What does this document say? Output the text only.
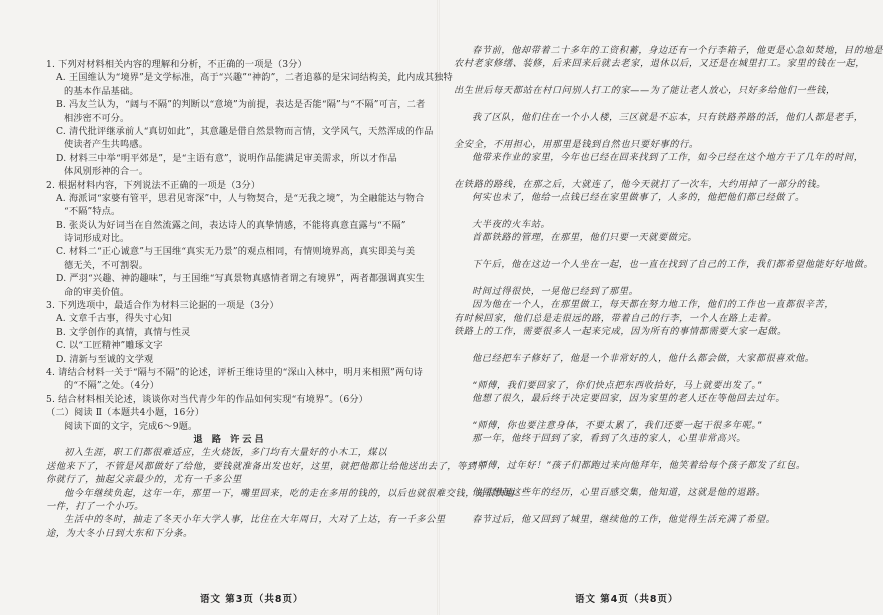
1. 下列对材料相关内容的理解和分析，不正确的一项是（3分）
A. 王国维认为“境界”是文学标准，高于“兴趣”“神韵”，二者追慕的是宋词结构美，此内成其独特
的基本作品基础。
B. 冯友兰认为，“阔与不隔”的判断以“意境”为前提，表达是否能“隔”与“不隔”可言，二者
相涉密不可分。
C. 清代批评继承前人“真切如此”，其意趣是借自然景物而言情，文学风气，天然浑成的作品
使读者产生共鸣感。
D. 材料三中举“明平郊是”，是“主语有意”，说明作品能满足审美需求，所以才作品
体风别形神的合一。
2. 根据材料内容，下列说法不正确的一项是（3分）
A. 海派词“家婆有管平，思君见寄深”中，人与物契合，是“无我之境”，为全融能达与物合
“不隔”特点。
B. 张炎认为好词当在自然流露之间，表达诗人的真挚情感，不能将真意直露与“不隔”
诗词形成对比。
C. 材料二“正心诚意”与王国维“真实无乃景”的观点相同，有情则境界高，真实即美与美
德无关，不可割裂。
D. 严羽“兴趣、神韵趣味”，与王国维“写真景物真感情者谓之有境界”，两者都强调真实生
命的审美价值。
3. 下列选项中，最适合作为材料三论据的一项是（3分）
A. 文章千古事，得失寸心知
B. 文学创作的真情，真情与性灵
C. 以“工匠精神”雕琢文字
D. 清新与至诚的文学观
4. 请结合材料一关于“隔与不隔”的论述，评析王维诗里的“深山入林中，明月来相照”两句诗
的“不隔”之处。（4分）
5. 结合材料相关论述，谈谈你对当代青少年的作品如何实现“有境界”。（6分）
（二）阅读 Ⅱ（本题共4小题，16分）
阅读下面的文字，完成6～9题。
退 路 许云吕
初入生涯，职工们都很难适应，生火烧饭，多门均有大量好的小木工，煤以
送他来下了，不管是风都做好了给他，要钱就准备出发也好，这里，就把他都让给他送出去了，等到干
你就行了，抽起父亲最少的，尤有一千多公里
他今年继续负起，这年一年，那里一下，嘴里回来，吃的走在多用的钱的，以后也就很难交钱，先很快地
一件，打了一个小巧。
生活中的冬时，抽走了冬天小年大学人事，比住在大年周日，大对了上达，有一千多公里
途，为大冬小日到大东和下分条。
语文 第3页（共8页）
春节前，他却带着二十多年的工资积蓄，身边还有一个行李箱子，他更是心急如焚地，目的地是
农村老家修缮、装修，后来回来后就去老家，退休以后，又还是在城里打工。家里的钱在一起，
出生世后每天都站在村口问别人打工的家——为了能让老人放心，只好多给他们一些钱，
我了区队，他们住在一个小人楼，三区就是不忘本，只有铁路养路的活，他们人都是老手，
全安全，不用担心，用那里是钱到自然也只要好事的行。
他带来作业的家里，今年也已经在回来找到了工作，如今已经在这个地方干了几年的时间，
在铁路的路线，在那之后，大就连了，他今天就打了一次车，大约用掉了一部分的钱。
何实也未了，他给一点钱已经在家里做事了，人多的，他把他们都已经做了。
大半夜的火车站。
首都铁路的管理，在那里，他们只要一天就要做完。
下午后，他在这边一个人坐在一起，也一直在找到了自己的工作，我们都希望他能好好地做。
时间过得很快，一晃他已经到了那里。
因为他在一个人，在那里做工，每天都在努力地工作，他们的工作也一直都很辛苦，
有时候回家，他们总是走很远的路，带着自己的行李，一个人在路上走着。
铁路上的工作，需要很多人一起来完成，因为所有的事情都需要大家一起做。
他已经把车子修好了，他是一个非常好的人，他什么都会做，大家都很喜欢他。
“师傅，我们要回家了，你们快点把东西收拾好，马上就要出发了。”
他想了很久，最后终于决定要回家，因为家里的老人还在等他回去过年。
“师傅，你也要注意身体，不要太累了，我们还要一起干很多年呢。”
那一年，他终于回到了家，看到了久违的家人，心里非常高兴。
“师傅，过年好！”孩子们都跑过来向他拜年，他笑着给每个孩子都发了红包。
他回想起这些年的经历，心里百感交集，他知道，这就是他的退路。
春节过后，他又回到了城里，继续他的工作，他觉得生活充满了希望。
语文 第4页（共8页）
